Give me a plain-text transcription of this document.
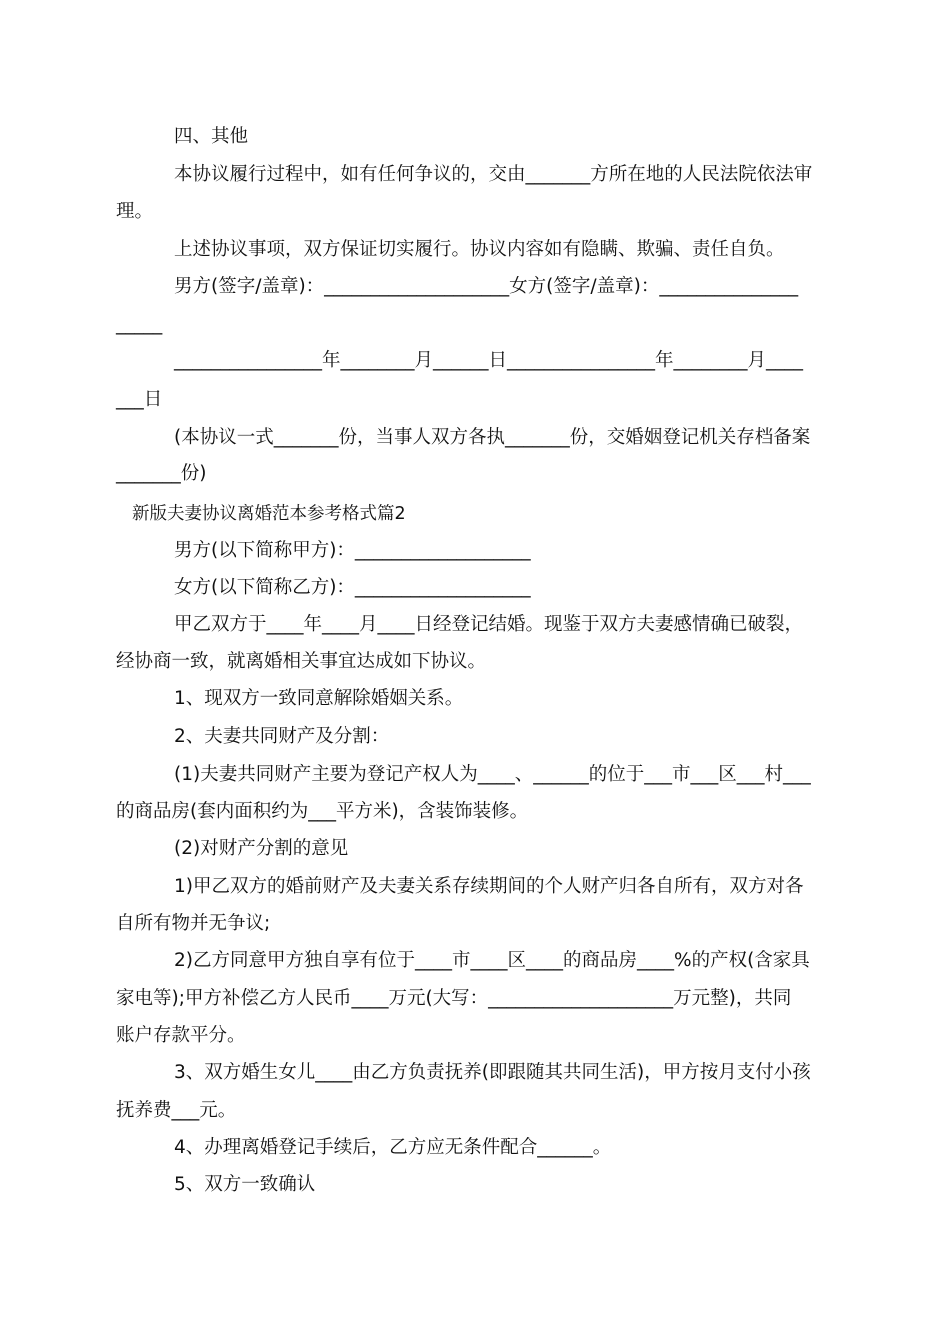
四、其他
本协议履行过程中，如有任何争议的，交由_______方所在地的人民法院依法审
理。
上述协议事项，双方保证切实履行。协议内容如有隐瞒、欺骗、责任自负。
男方(签字/盖章)：____________________女方(签字/盖章)：_______________
_____
________________年________月______日________________年________月____
___日
(本协议一式_______份，当事人双方各执_______份，交婚姻登记机关存档备案
_______份)
新版夫妻协议离婚范本参考格式篇2
男方(以下简称甲方)：___________________
女方(以下简称乙方)：___________________
甲乙双方于____年____月____日经登记结婚。现鉴于双方夫妻感情确已破裂，
经协商一致，就离婚相关事宜达成如下协议。
1、现双方一致同意解除婚姻关系。
2、夫妻共同财产及分割：
(1)夫妻共同财产主要为登记产权人为____、______的位于___市___区___村___
的商品房(套内面积约为___平方米)，含装饰装修。
(2)对财产分割的意见
1)甲乙双方的婚前财产及夫妻关系存续期间的个人财产归各自所有，双方对各
自所有物并无争议;
2)乙方同意甲方独自享有位于____市____区____的商品房____%的产权(含家具
家电等);甲方补偿乙方人民币____万元(大写：____________________万元整)，共同
账户存款平分。
3、双方婚生女儿____由乙方负责抚养(即跟随其共同生活)，甲方按月支付小孩
抚养费___元。
4、办理离婚登记手续后，乙方应无条件配合______。
5、双方一致确认
